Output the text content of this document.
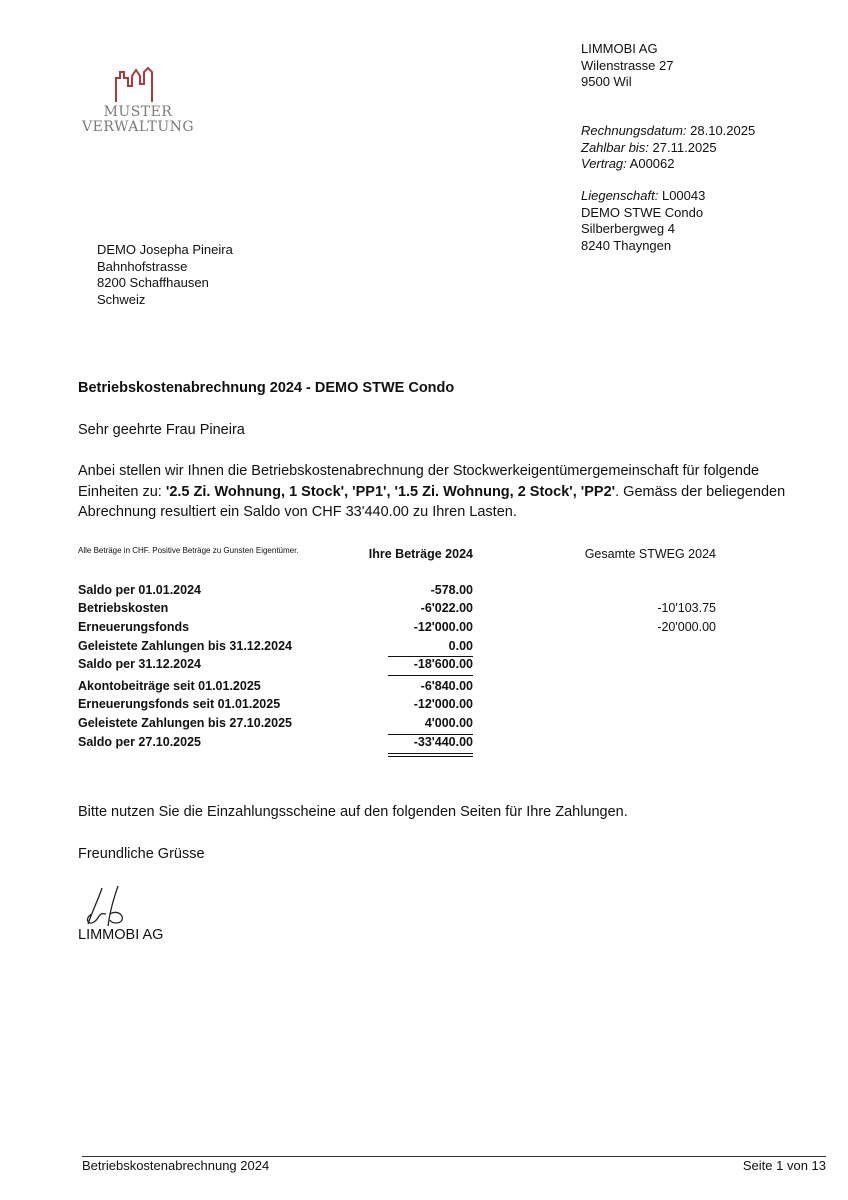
MUSTER
VERWALTUNG
LIMMOBI AG
Wilenstrasse 27
9500 Wil
Rechnungsdatum: 28.10.2025
Zahlbar bis: 27.11.2025
Vertrag: A00062
Liegenschaft: L00043
DEMO STWE Condo
Silberbergweg 4
8240 Thayngen
DEMO Josepha Pineira
Bahnhofstrasse
8200 Schaffhausen
Schweiz
Betriebskostenabrechnung 2024 - DEMO STWE Condo
Sehr geehrte Frau Pineira
Anbei stellen wir Ihnen die Betriebskostenabrechnung der Stockwerkeigentümergemeinschaft für folgende Einheiten zu: '2.5 Zi. Wohnung, 1 Stock', 'PP1', '1.5 Zi. Wohnung, 2 Stock', 'PP2'. Gemäss der beliegenden Abrechnung resultiert ein Saldo von CHF 33'440.00 zu Ihren Lasten.
Alle Beträge in CHF. Positive Beträge zu Gunsten Eigentümer.	Ihre Beträge 2024	Gesamte STWEG 2024
Saldo per 01.01.2024	-578.00
Betriebskosten	-6'022.00	-10'103.75
Erneuerungsfonds	-12'000.00	-20'000.00
Geleistete Zahlungen bis 31.12.2024	0.00
Saldo per 31.12.2024	-18'600.00
Akontobeiträge seit 01.01.2025	-6'840.00
Erneuerungsfonds seit 01.01.2025	-12'000.00
Geleistete Zahlungen bis 27.10.2025	4'000.00
Saldo per 27.10.2025	-33'440.00
Bitte nutzen Sie die Einzahlungsscheine auf den folgenden Seiten für Ihre Zahlungen.
Freundliche Grüsse
LIMMOBI AG
Betriebskostenabrechnung 2024	Seite 1 von 13
